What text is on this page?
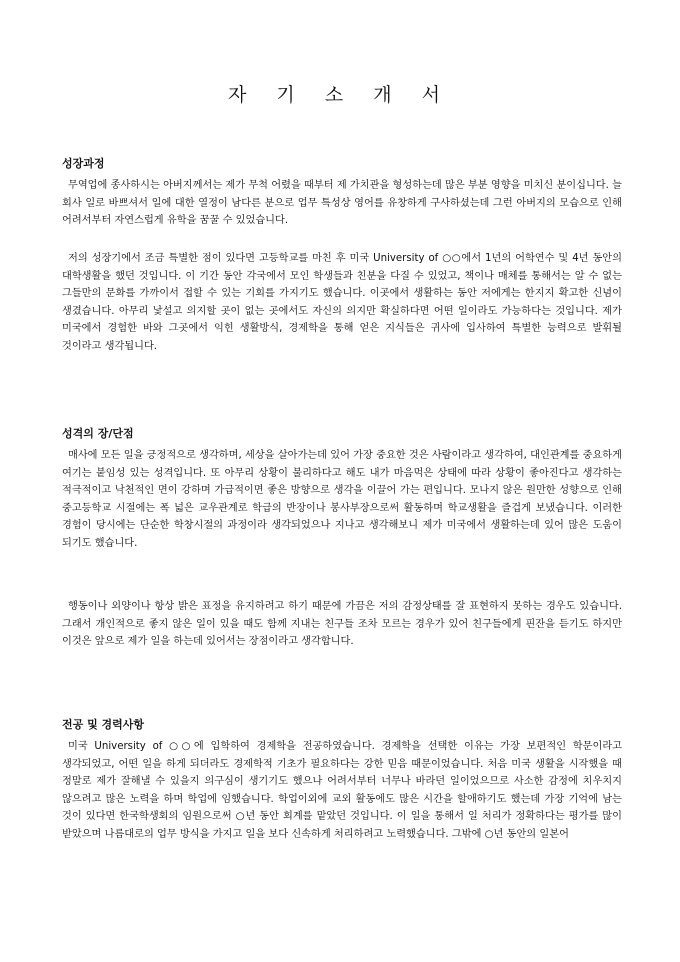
자 기 소 개 서
성장과정

무역업에 종사하시는 아버지께서는 제가 무척 어렸을 때부터 제 가치관을 형성하는데 많은 부분 영향을 미치신 분이십니다. 늘 회사 일로 바쁘셔서 일에 대한 열정이 남다른 분으로 업무 특성상 영어를 유창하게 구사하셨는데 그런 아버지의 모습으로 인해 어려서부터 자연스럽게 유학을 꿈꿀 수 있었습니다.

저의 성장기에서 조금 특별한 점이 있다면 고등학교를 마친 후 미국 University of ○○에서 1년의 어학연수 및 4년 동안의 대학생활을 했던 것입니다. 이 기간 동안 각국에서 모인 학생들과 친분을 다질 수 있었고, 책이나 매체를 통해서는 알 수 없는 그들만의 문화를 가까이서 접할 수 있는 기회를 가지기도 했습니다. 이곳에서 생활하는 동안 저에게는 한지지 확고한 신념이 생겼습니다. 아무리 낯설고 의지할 곳이 없는 곳에서도 자신의 의지만 확실하다면 어떤 일이라도 가능하다는 것입니다. 제가 미국에서 경험한 바와 그곳에서 익힌 생활방식, 경제학을 통해 얻은 지식들은 귀사에 입사하여 특별한 능력으로 발휘될 것이라고 생각됩니다.

성격의 장/단점

매사에 모든 일을 긍정적으로 생각하며, 세상을 살아가는데 있어 가장 중요한 것은 사람이라고 생각하여, 대인관계를 중요하게 여기는 붙임성 있는 성격입니다. 또 아무리 상황이 불리하다고 해도 내가 마음먹은 상태에 따라 상황이 좋아진다고 생각하는 적극적이고 낙천적인 면이 강하며 가급적이면 좋은 방향으로 생각을 이끌어 가는 편입니다. 모나지 않은 원만한 성향으로 인해 중고등학교 시절에는 폭 넓은 교우관계로 학급의 반장이나 봉사부장으로써 활동하며 학교생활을 즐겁게 보냈습니다. 이러한 경험이 당시에는 단순한 학창시절의 과정이라 생각되었으나 지나고 생각해보니 제가 미국에서 생활하는데 있어 많은 도움이 되기도 했습니다.

행동이나 외양이나 항상 밝은 표정을 유지하려고 하기 때문에 가끔은 저의 감정상태를 잘 표현하지 못하는 경우도 있습니다. 그래서 개인적으로 좋지 않은 일이 있을 때도 함께 지내는 친구들 조차 모르는 경우가 있어 친구들에게 핀잔을 듣기도 하지만 이것은 앞으로 제가 일을 하는데 있어서는 장점이라고 생각합니다.

전공 및 경력사항

미국 University of ○○에 입학하여 경제학을 전공하였습니다. 경제학을 선택한 이유는 가장 보편적인 학문이라고 생각되었고, 어떤 일을 하게 되더라도 경제학적 기초가 필요하다는 강한 믿음 때문이었습니다. 처음 미국 생활을 시작했을 때 정말로 제가 잘해낼 수 있을지 의구심이 생기기도 했으나 어려서부터 너무나 바라던 일이었으므로 사소한 감정에 치우치지 않으려고 많은 노력을 하며 학업에 임했습니다. 학업이외에 교외 활동에도 많은 시간을 할애하기도 했는데 가장 기억에 남는 것이 있다면 한국학생회의 임원으로써 ○년 동안 회계를 맡았던 것입니다. 이 일을 통해서 일 처리가 정확하다는 평가를 많이 받았으며 나름대로의 업무 방식을 가지고 일을 보다 신속하게 처리하려고 노력했습니다. 그밖에 ○년 동안의 일본어
